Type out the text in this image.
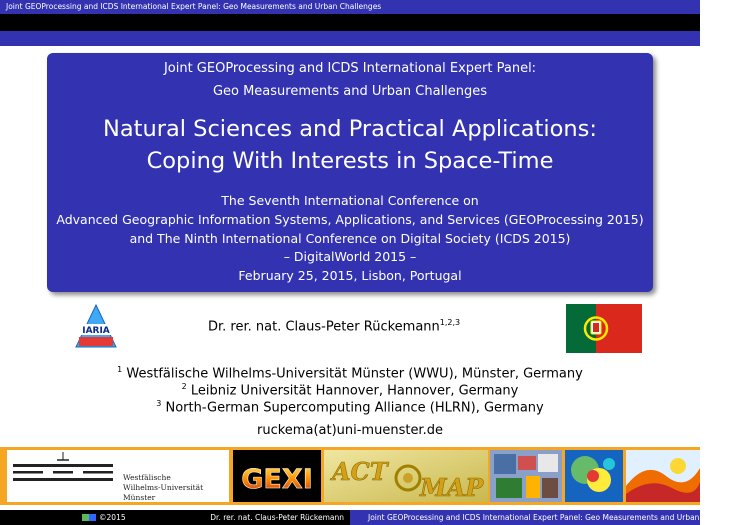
Joint GEOProcessing and ICDS International Expert Panel: Geo Measurements and Urban Challenges
Joint GEOProcessing and ICDS International Expert Panel:
Geo Measurements and Urban Challenges
Natural Sciences and Practical Applications:
Coping With Interests in Space-Time
The Seventh International Conference on
Advanced Geographic Information Systems, Applications, and Services (GEOProcessing 2015)
and The Ninth International Conference on Digital Society (ICDS 2015)
– DigitalWorld 2015 –
February 25, 2015, Lisbon, Portugal
IARIA	Dr. rer. nat. Claus-Peter Rückemann$^{1,2,3}$
$^1$ Westfälische Wilhelms-Universität Münster (WWU), Münster, Germany
$^2$ Leibniz Universität Hannover, Hannover, Germany
$^3$ North-German Supercomputing Alliance (HLRN), Germany
ruckema(at)uni-muenster.de
Westfälische
Wilhelms-Universität
Münster
GEXI ACT
MAP
©2015	Dr. rer. nat. Claus-Peter Rückemann	Joint GEOProcessing and ICDS International Expert Panel: Geo Measurements and Urban Challenges
